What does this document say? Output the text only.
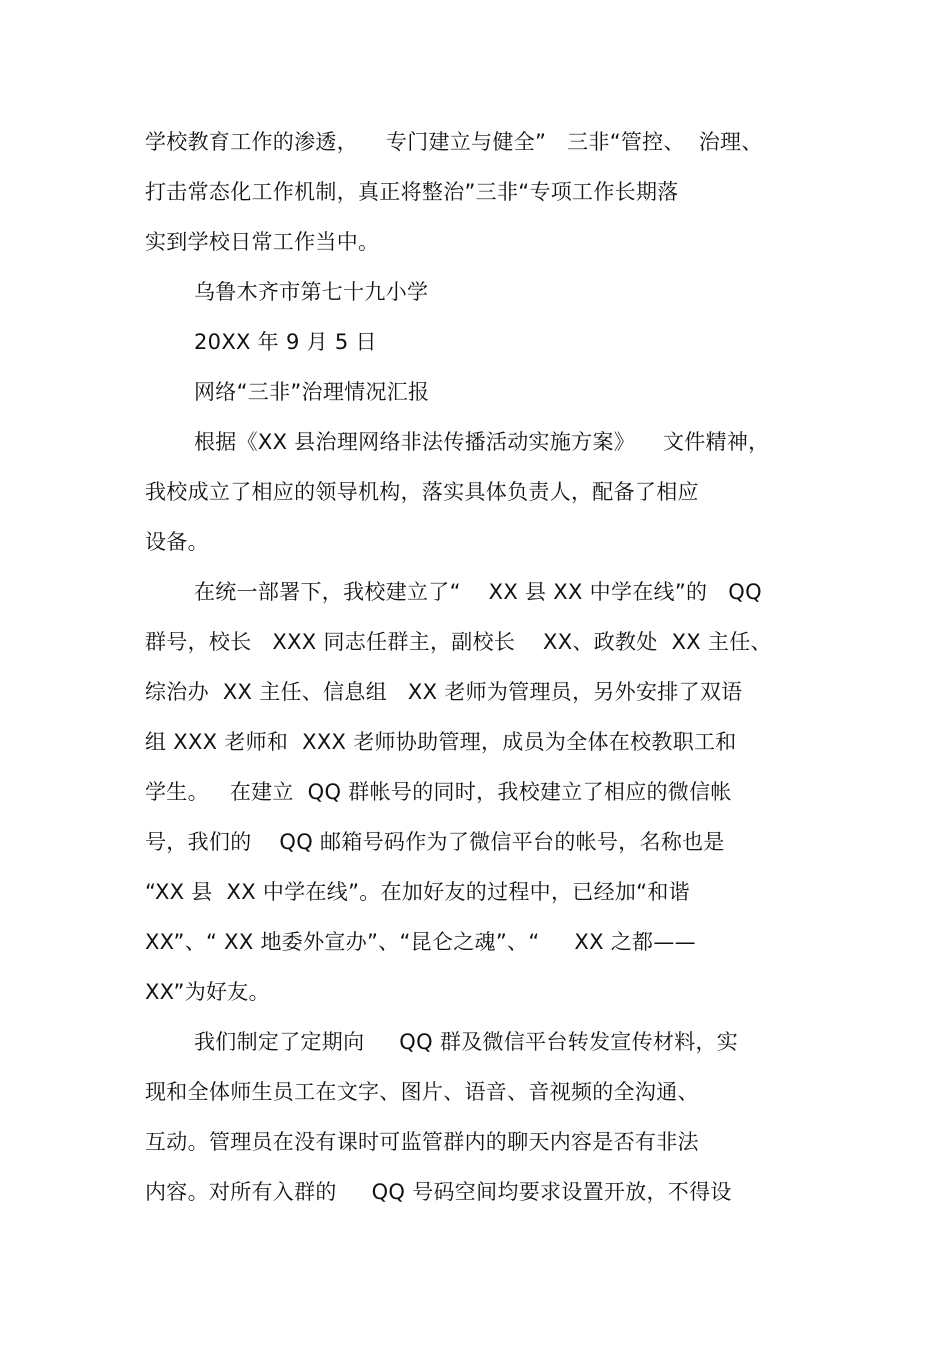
学校教育工作的渗透，    专门建立与健全”   三非“管控、  治理、
打击常态化工作机制，真正将整治”三非“专项工作长期落
实到学校日常工作当中。
乌鲁木齐市第七十九小学
20XX 年 9 月 5 日
网络“三非”治理情况汇报
根据《XX 县治理网络非法传播活动实施方案》    文件精神，
我校成立了相应的领导机构，落实具体负责人，配备了相应
设备。
在统一部署下，我校建立了“    XX 县 XX 中学在线”的   QQ
群号，校长   XXX 同志任群主，副校长    XX、政教处  XX 主任、
综治办  XX 主任、信息组   XX 老师为管理员，另外安排了双语
组 XXX 老师和  XXX 老师协助管理，成员为全体在校教职工和
学生。   在建立  QQ 群帐号的同时，我校建立了相应的微信帐
号，我们的    QQ 邮箱号码作为了微信平台的帐号，名称也是
“XX 县  XX 中学在线”。在加好友的过程中，已经加“和谐
XX”、“ XX 地委外宣办”、“昆仑之魂”、“     XX 之都——
XX”为好友。
我们制定了定期向     QQ 群及微信平台转发宣传材料，实
现和全体师生员工在文字、图片、语音、音视频的全沟通、
互动。管理员在没有课时可监管群内的聊天内容是否有非法
内容。对所有入群的     QQ 号码空间均要求设置开放，不得设
